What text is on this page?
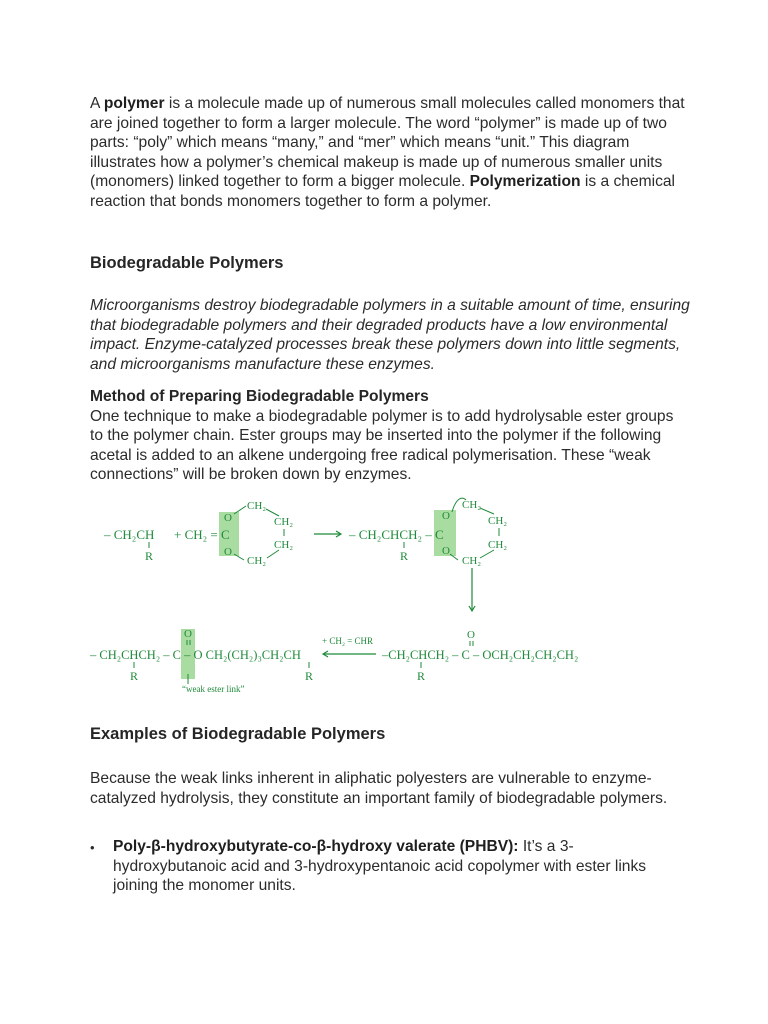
A polymer is a molecule made up of numerous small molecules called monomers that are joined together to form a larger molecule. The word “polymer” is made up of two parts: “poly” which means “many,” and “mer” which means “unit.” This diagram illustrates how a polymer’s chemical makeup is made up of numerous smaller units (monomers) linked together to form a bigger molecule. Polymerization is a chemical reaction that bonds monomers together to form a polymer.
Biodegradable Polymers
Microorganisms destroy biodegradable polymers in a suitable amount of time, ensuring that biodegradable polymers and their degraded products have a low environmental impact. Enzyme-catalyzed processes break these polymers down into little segments, and microorganisms manufacture these enzymes.
Method of Preparing Biodegradable Polymers
One technique to make a biodegradable polymer is to add hydrolysable ester groups to the polymer chain. Ester groups may be inserted into the polymer if the following acetal is added to an alkene undergoing free radical polymerisation. These “weak connections” will be broken down by enzymes.
– CH₂CH
R
+ CH₂ = C
O
O
CH₂
CH₂
CH₂
CH₂
– CH₂CHCH₂ – C
R
O
O
CH₂
CH₂
CH₂
CH₂
O
– CH₂CHCH₂ – C – O CH₂(CH₂)₃CH₂CH
R	R
“weak ester link”
+ CH₂ = CHR	O
–CH₂CHCH₂ – C – OCH₂CH₂CH₂CH₂
R
Examples of Biodegradable Polymers
Because the weak links inherent in aliphatic polyesters are vulnerable to enzyme-catalyzed hydrolysis, they constitute an important family of biodegradable polymers.
• Poly-β-hydroxybutyrate-co-β-hydroxy valerate (PHBV): It’s a 3-hydroxybutanoic acid and 3-hydroxypentanoic acid copolymer with ester links joining the monomer units.
